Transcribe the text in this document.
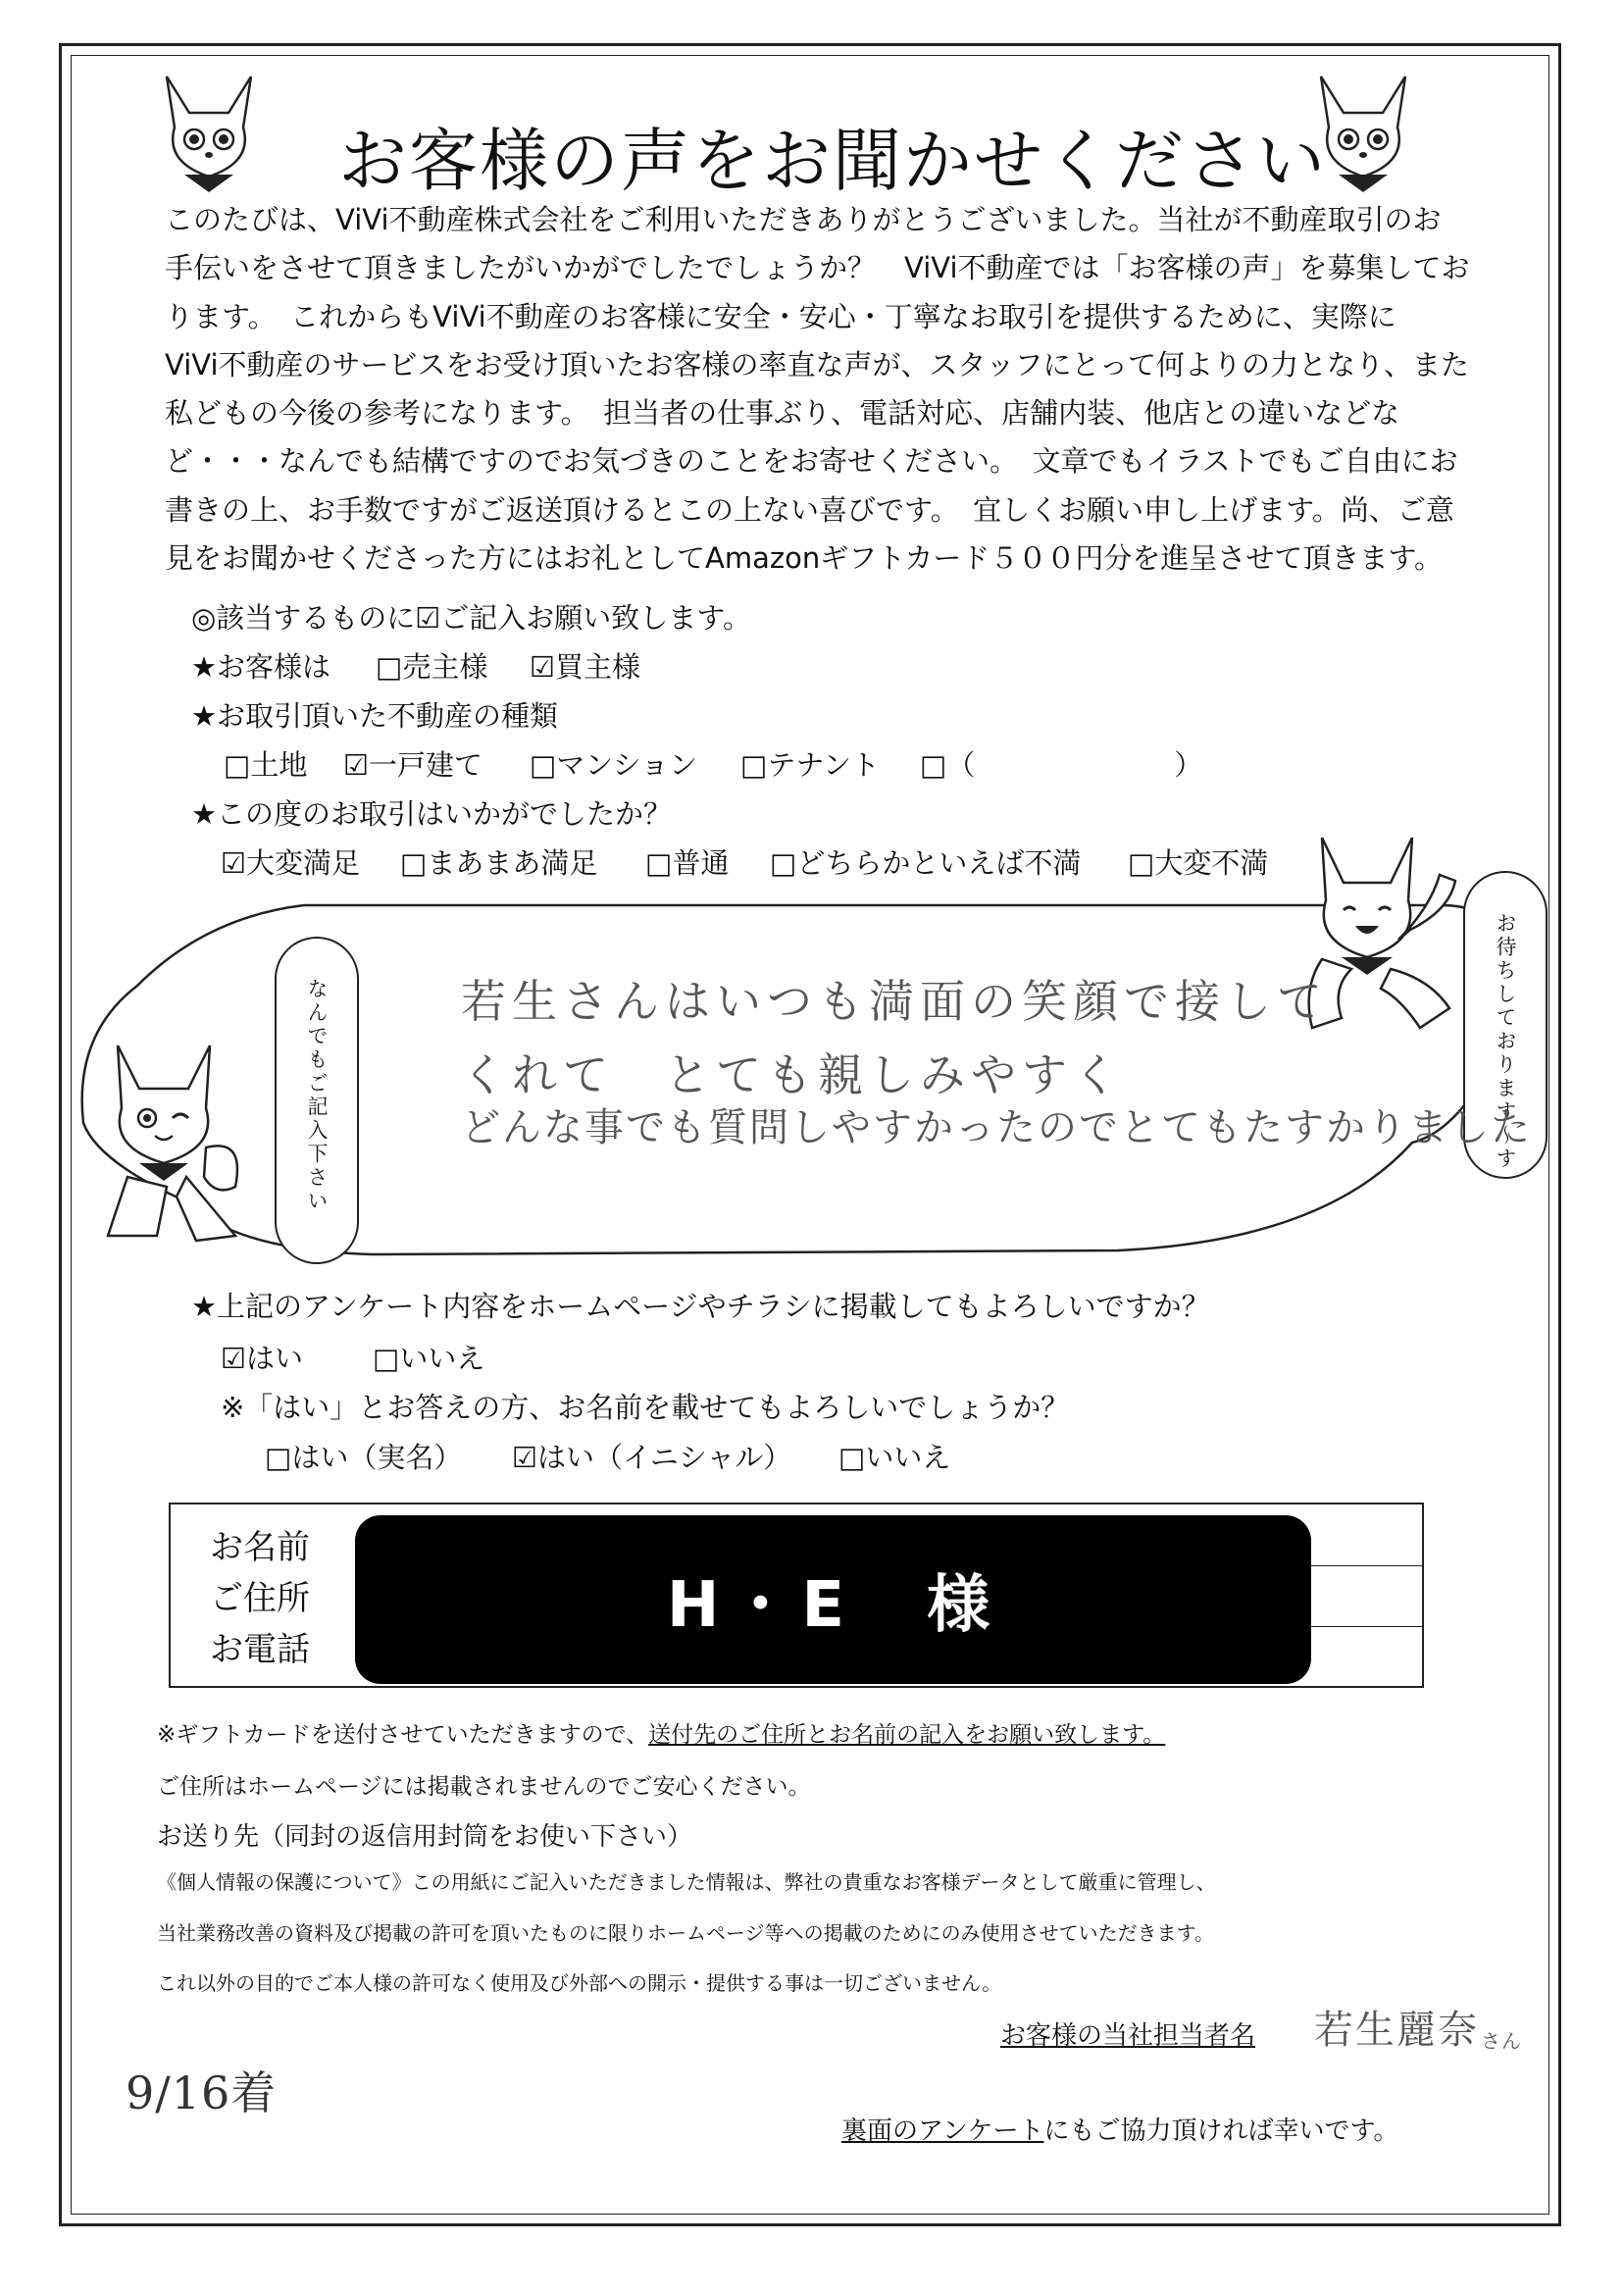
お客様の声をお聞かせください

このたびは、ViVi不動産株式会社をご利用いただきありがとうございました。当社が不動産取引のお

手伝いをさせて頂きましたがいかがでしたでしょうか？　ViVi不動産では「お客様の声」を募集してお

ります。　これからもViVi不動産のお客様に安全・安心・丁寧なお取引を提供するために、実際に

ViVi不動産のサービスをお受け頂いたお客様の率直な声が、スタッフにとって何よりの力となり、また

私どもの今後の参考になります。　担当者の仕事ぶり、電話対応、店舗内装、他店との違いなどな

ど・・・なんでも結構ですのでお気づきのことをお寄せください。　文章でもイラストでもご自由にお

書きの上、お手数ですがご返送頂けるとこの上ない喜びです。　宜しくお願い申し上げます。尚、ご意

見をお聞かせくださった方にはお礼としてAmazonギフトカード５００円分を進呈させて頂きます。

◎該当するものに☑ご記入お願い致します。
★お客様は □売主様 ☑買主様
★お取引頂いた不動産の種類
□土地 ☑一戸建て □マンション □テナント □（　　　　　　　）
★この度のお取引はいかがでしたか？
☑大変満足 □まあまあ満足 □普通 □どちらかといえば不満 □大変不満
なんでもご記入下さい	お待ちしております～す
若生さんはいつも満面の笑顔で接して
くれて　とても親しみやすく
どんな事でも質問しやすかったのでとてもたすかりました
★上記のアンケート内容をホームページやチラシに掲載してもよろしいですか？
☑はい □いいえ
※「はい」とお答えの方、お名前を載せてもよろしいでしょうか？
□はい（実名） ☑はい（イニシャル） □いいえ
お名前
ご住所
お電話
H・E　様
※ギフトカードを送付させていただきますので、送付先のご住所とお名前の記入をお願い致します。
ご住所はホームページには掲載されませんのでご安心ください。
お送り先（同封の返信用封筒をお使い下さい）
《個人情報の保護について》この用紙にご記入いただきました情報は、弊社の貴重なお客様データとして厳重に管理し、
当社業務改善の資料及び掲載の許可を頂いたものに限りホームページ等への掲載のためにのみ使用させていただきます。
これ以外の目的でご本人様の許可なく使用及び外部への開示・提供する事は一切ございません。
お客様の当社担当者名 若生麗奈 さん
9/16着
裏面のアンケートにもご協力頂ければ幸いです。
